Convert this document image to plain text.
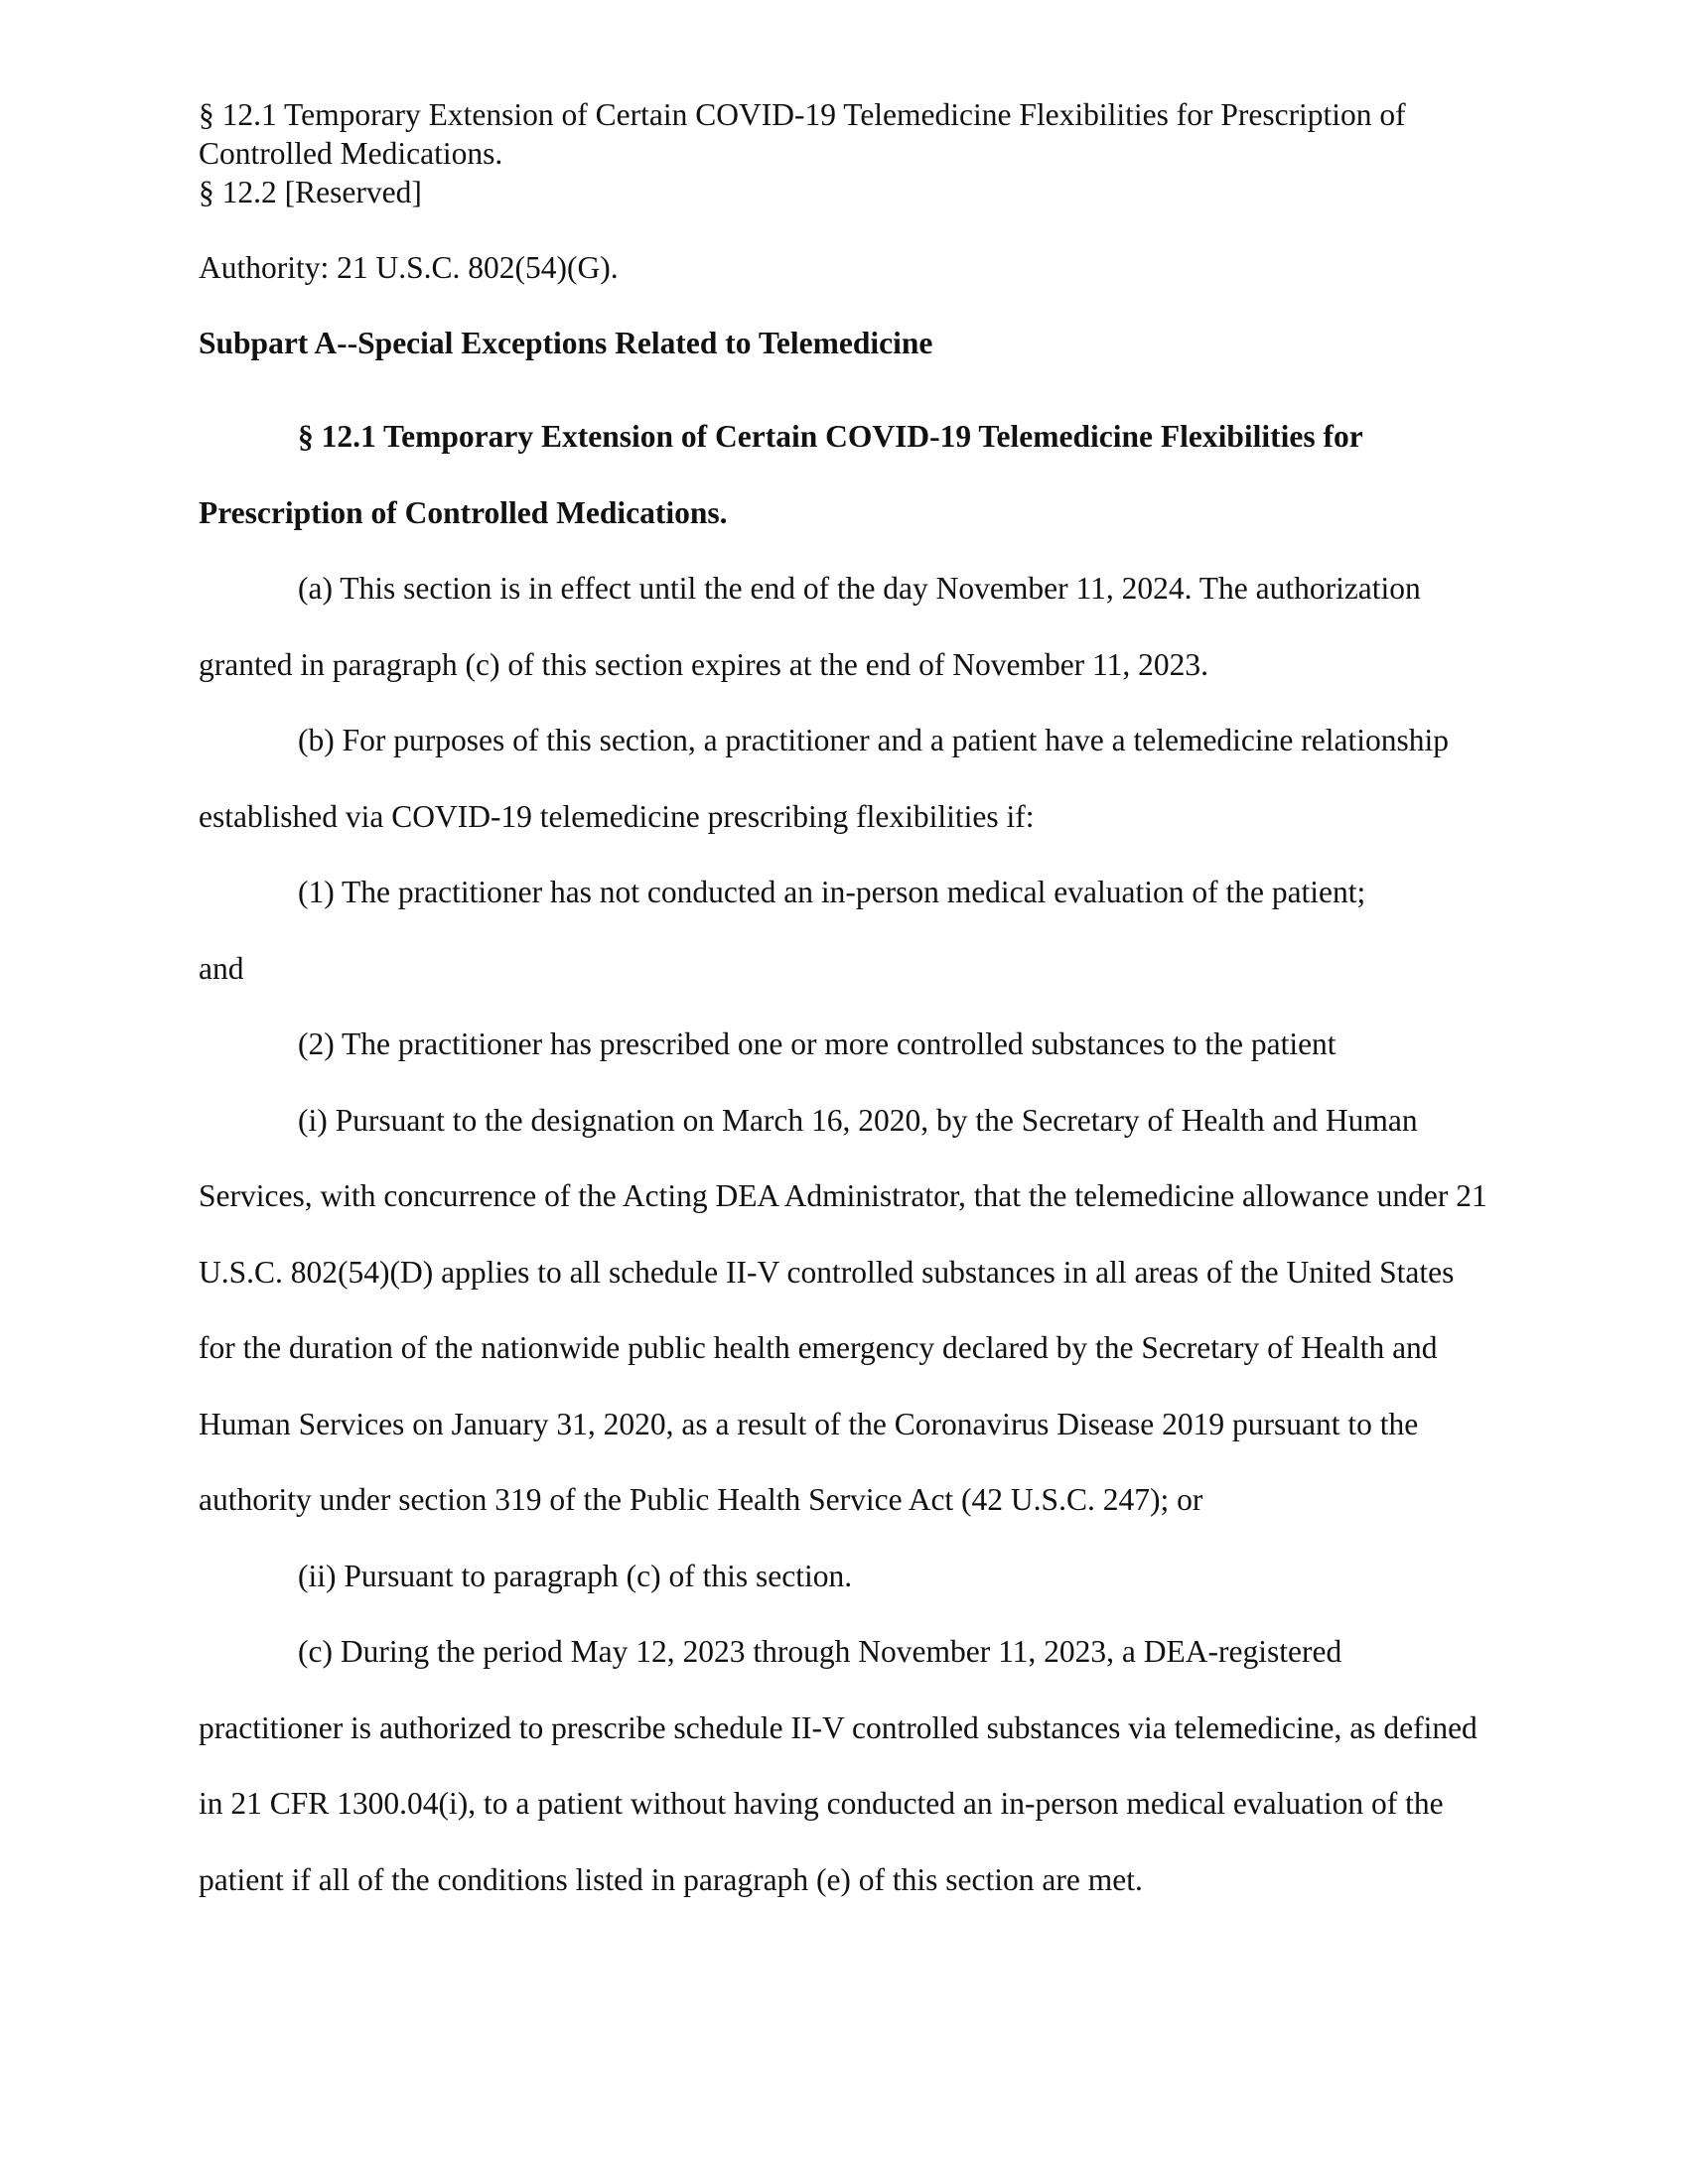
§ 12.1 Temporary Extension of Certain COVID-19 Telemedicine Flexibilities for Prescription of
Controlled Medications.
§ 12.2 [Reserved]

Authority: 21 U.S.C. 802(54)(G).

Subpart A--Special Exceptions Related to Telemedicine

§ 12.1 Temporary Extension of Certain COVID-19 Telemedicine Flexibilities for Prescription of Controlled Medications.

(a) This section is in effect until the end of the day November 11, 2024. The authorization granted in paragraph (c) of this section expires at the end of November 11, 2023.

(b) For purposes of this section, a practitioner and a patient have a telemedicine relationship established via COVID-19 telemedicine prescribing flexibilities if:

(1) The practitioner has not conducted an in-person medical evaluation of the patient;

and

(2) The practitioner has prescribed one or more controlled substances to the patient

(i) Pursuant to the designation on March 16, 2020, by the Secretary of Health and Human Services, with concurrence of the Acting DEA Administrator, that the telemedicine allowance under 21 U.S.C. 802(54)(D) applies to all schedule II-V controlled substances in all areas of the United States for the duration of the nationwide public health emergency declared by the Secretary of Health and Human Services on January 31, 2020, as a result of the Coronavirus Disease 2019 pursuant to the authority under section 319 of the Public Health Service Act (42 U.S.C. 247); or

(ii) Pursuant to paragraph (c) of this section.

(c) During the period May 12, 2023 through November 11, 2023, a DEA-registered practitioner is authorized to prescribe schedule II-V controlled substances via telemedicine, as defined in 21 CFR 1300.04(i), to a patient without having conducted an in-person medical evaluation of the patient if all of the conditions listed in paragraph (e) of this section are met.
